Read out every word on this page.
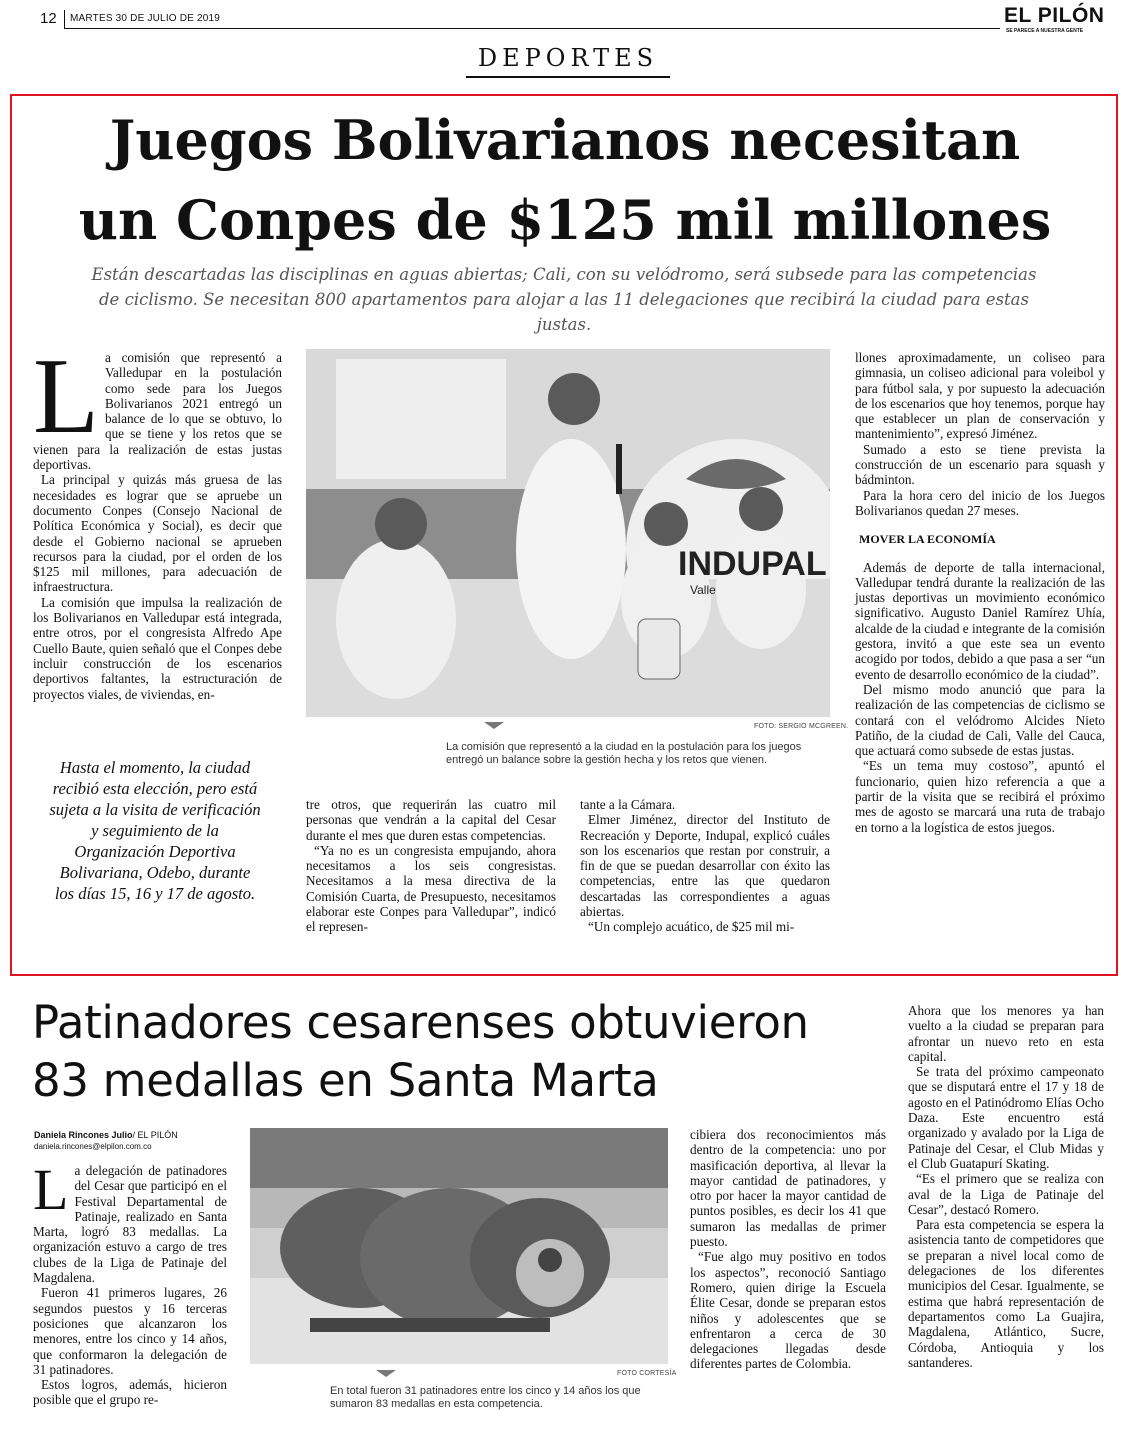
12 MARTES 30 DE JULIO DE 2019	EL PILÓN
SE PARECE A NUESTRA GENTE
DEPORTES
Juegos Bolivarianos necesitan
un Conpes de $125 mil millones
Están descartadas las disciplinas en aguas abiertas; Cali, con su velódromo, será subsede para las competencias de ciclismo. Se necesitan 800 apartamentos para alojar a las 11 delegaciones que recibirá la ciudad para estas justas.
L a comisión que representó a Valledupar en la postulación como sede para los Juegos Bolivarianos 2021 entregó un balance de lo que se obtuvo, lo que se tiene y los retos que se vienen para la realización de estas justas deportivas.

La principal y quizás más gruesa de las necesidades es lograr que se apruebe un documento Conpes (Consejo Nacional de Política Económica y Social), es decir que desde el Gobierno nacional se aprueben recursos para la ciudad, por el orden de los $125 mil millones, para adecuación de infraestructura.

La comisión que impulsa la realización de los Bolivarianos en Valledupar está integrada, entre otros, por el congresista Alfredo Ape Cuello Baute, quien señaló que el Conpes debe incluir construcción de los escenarios deportivos faltantes, la estructuración de proyectos viales, de viviendas, en-

Hasta el momento, la ciudad recibió esta elección, pero está sujeta a la visita de verificación y seguimiento de la Organización Deportiva Bolivariana, Odebo, durante los días 15, 16 y 17 de agosto.
INDUPAL
Valle
FOTO: SERGIO MCGREEN.
La comisión que representó a la ciudad en la postulación para los juegos entregó un balance sobre la gestión hecha y los retos que vienen.

tre otros, que requerirán las cuatro mil personas que vendrán a la capital del Cesar durante el mes que duren estas competencias.

“Ya no es un congresista empujando, ahora necesitamos a los seis congresistas. Necesitamos a la mesa directiva de la Comisión Cuarta, de Presupuesto, necesitamos elaborar este Conpes para Valledupar”, indicó el represen-

tante a la Cámara.

Elmer Jiménez, director del Instituto de Recreación y Deporte, Indupal, explicó cuáles son los escenarios que restan por construir, a fin de que se puedan desarrollar con éxito las competencias, entre las que quedaron descartadas las correspondientes a aguas abiertas.

“Un complejo acuático, de $25 mil mi-

llones aproximadamente, un coliseo para gimnasia, un coliseo adicional para voleibol y para fútbol sala, y por supuesto la adecuación de los escenarios que hoy tenemos, porque hay que establecer un plan de conservación y mantenimiento”, expresó Jiménez.

Sumado a esto se tiene prevista la construcción de un escenario para squash y bádminton.

Para la hora cero del inicio de los Juegos Bolivarianos quedan 27 meses.

MOVER LA ECONOMÍA

Además de deporte de talla internacional, Valledupar tendrá durante la realización de las justas deportivas un movimiento económico significativo. Augusto Daniel Ramírez Uhía, alcalde de la ciudad e integrante de la comisión gestora, invitó a que este sea un evento acogido por todos, debido a que pasa a ser “un evento de desarrollo económico de la ciudad”.

Del mismo modo anunció que para la realización de las competencias de ciclismo se contará con el velódromo Alcides Nieto Patiño, de la ciudad de Cali, Valle del Cauca, que actuará como subsede de estas justas.

“Es un tema muy costoso”, apuntó el funcionario, quien hizo referencia a que a partir de la visita que se recibirá el próximo mes de agosto se marcará una ruta de trabajo en torno a la logística de estos juegos.

Patinadores cesarenses obtuvieron
83 medallas en Santa Marta
Daniela Rincones Julio/ EL PILÓN
daniela.rincones@elpilon.com.co
L a delegación de patinadores del Cesar que participó en el Festival Departamental de Patinaje, realizado en Santa Marta, logró 83 medallas. La organización estuvo a cargo de tres clubes de la Liga de Patinaje del Magdalena.

Fueron 41 primeros lugares, 26 segundos puestos y 16 terceras posiciones que alcanzaron los menores, entre los cinco y 14 años, que conformaron la delegación de 31 patinadores.

Estos logros, además, hicieron posible que el grupo re-

FOTO CORTESÍA
En total fueron 31 patinadores entre los cinco y 14 años los que sumaron 83 medallas en esta competencia.

cibiera dos reconocimientos más dentro de la competencia: uno por masificación deportiva, al llevar la mayor cantidad de patinadores, y otro por hacer la mayor cantidad de puntos posibles, es decir los 41 que sumaron las medallas de primer puesto.

“Fue algo muy positivo en todos los aspectos”, reconoció Santiago Romero, quien dirige la Escuela Élite Cesar, donde se preparan estos niños y adolescentes que se enfrentaron a cerca de 30 delegaciones llegadas desde diferentes partes de Colombia.

Ahora que los menores ya han vuelto a la ciudad se preparan para afrontar un nuevo reto en esta capital.

Se trata del próximo campeonato que se disputará entre el 17 y 18 de agosto en el Patinódromo Elías Ocho Daza. Este encuentro está organizado y avalado por la Liga de Patinaje del Cesar, el Club Midas y el Club Guatapurí Skating.

“Es el primero que se realiza con aval de la Liga de Patinaje del Cesar”, destacó Romero.

Para esta competencia se espera la asistencia tanto de competidores que se preparan a nivel local como de delegaciones de los diferentes municipios del Cesar. Igualmente, se estima que habrá representación de departamentos como La Guajira, Magdalena, Atlántico, Sucre, Córdoba, Antioquia y los santanderes.
